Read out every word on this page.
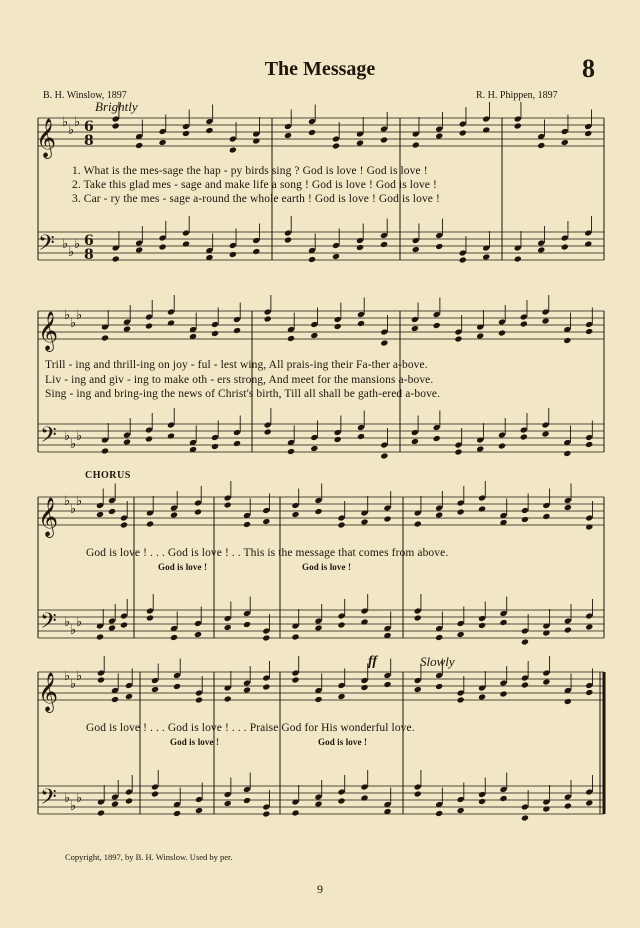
The Message	8
B. H. Winslow, 1897	R. H. Phippen, 1897
Brightly
𝄞
𝄢
♭
♭
♭
♭
♭
♭
6
6
8
8
𝄞
𝄢
♭
♭
♭
♭
♭
♭
𝄞
𝄢
♭
♭
♭
♭
♭
♭
𝄞
𝄢
♭
♭
♭
♭
♭
♭
1. What is the mes-sage the hap - py birds sing ? God is love ! God is love !
2. Take this glad mes - sage and make life a song ! God is love ! God is love !
3. Car - ry the mes - sage a-round the whole earth ! God is love ! God is love !
Trill - ing and thrill-ing on joy - ful - lest wing, All prais-ing their Fa-ther a-bove.
Liv - ing and giv - ing to make oth - ers strong, And meet for the mansions a-bove.
Sing - ing and bring-ing the news of Christ's birth, Till all shall be gath-ered a-bove.
CHORUS
God is love ! . . . God is love ! . . This is the message that comes from above.
God is love !	God is love !
ff	Slowly
God is love ! . . . God is love ! . . . Praise God for His wonderful love.
God is love !	God is love !
Copyright, 1897, by B. H. Winslow. Used by per.
9
